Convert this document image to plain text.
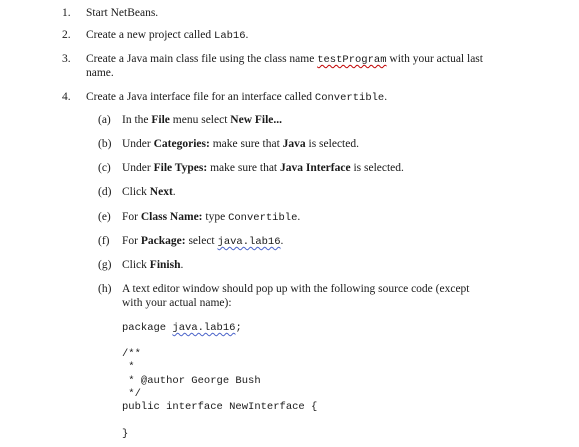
1. Start NetBeans.
2. Create a new project called Lab16.
3. Create a Java main class file using the class name testProgram with your actual last
name.
4. Create a Java interface file for an interface called Convertible.
(a) In the File menu select New File...
(b) Under Categories: make sure that Java is selected.
(c) Under File Types: make sure that Java Interface is selected.
(d) Click Next.
(e) For Class Name: type Convertible.
(f) For Package: select java.lab16.
(g) Click Finish.
(h) A text editor window should pop up with the following source code (except
with your actual name):
package java.lab16;
/**
*
* @author George Bush
*/
public interface NewInterface {
}
